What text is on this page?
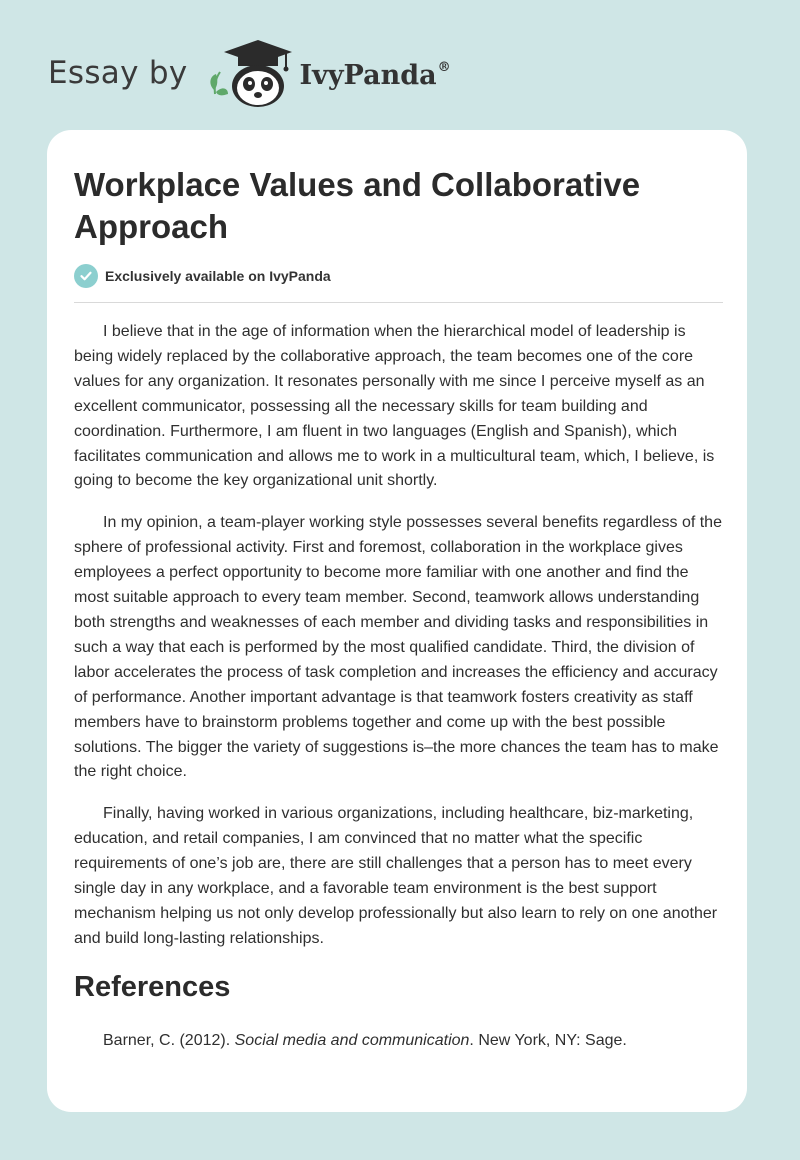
Essay by	IvyPanda®
Workplace Values and Collaborative Approach
Exclusively available on IvyPanda

I believe that in the age of information when the hierarchical model of leadership is being widely replaced by the collaborative approach, the team becomes one of the core values for any organization. It resonates personally with me since I perceive myself as an excellent communicator, possessing all the necessary skills for team building and coordination. Furthermore, I am fluent in two languages (English and Spanish), which facilitates communication and allows me to work in a multicultural team, which, I believe, is going to become the key organizational unit shortly.

In my opinion, a team-player working style possesses several benefits regardless of the sphere of professional activity. First and foremost, collaboration in the workplace gives employees a perfect opportunity to become more familiar with one another and find the most suitable approach to every team member. Second, teamwork allows understanding both strengths and weaknesses of each member and dividing tasks and responsibilities in such a way that each is performed by the most qualified candidate. Third, the division of labor accelerates the process of task completion and increases the efficiency and accuracy of performance. Another important advantage is that teamwork fosters creativity as staff members have to brainstorm problems together and come up with the best possible solutions. The bigger the variety of suggestions is–the more chances the team has to make the right choice.

Finally, having worked in various organizations, including healthcare, biz-marketing, education, and retail companies, I am convinced that no matter what the specific requirements of one’s job are, there are still challenges that a person has to meet every single day in any workplace, and a favorable team environment is the best support mechanism helping us not only develop professionally but also learn to rely on one another and build long-lasting relationships.

References
Barner, C. (2012). Social media and communication. New York, NY: Sage.
